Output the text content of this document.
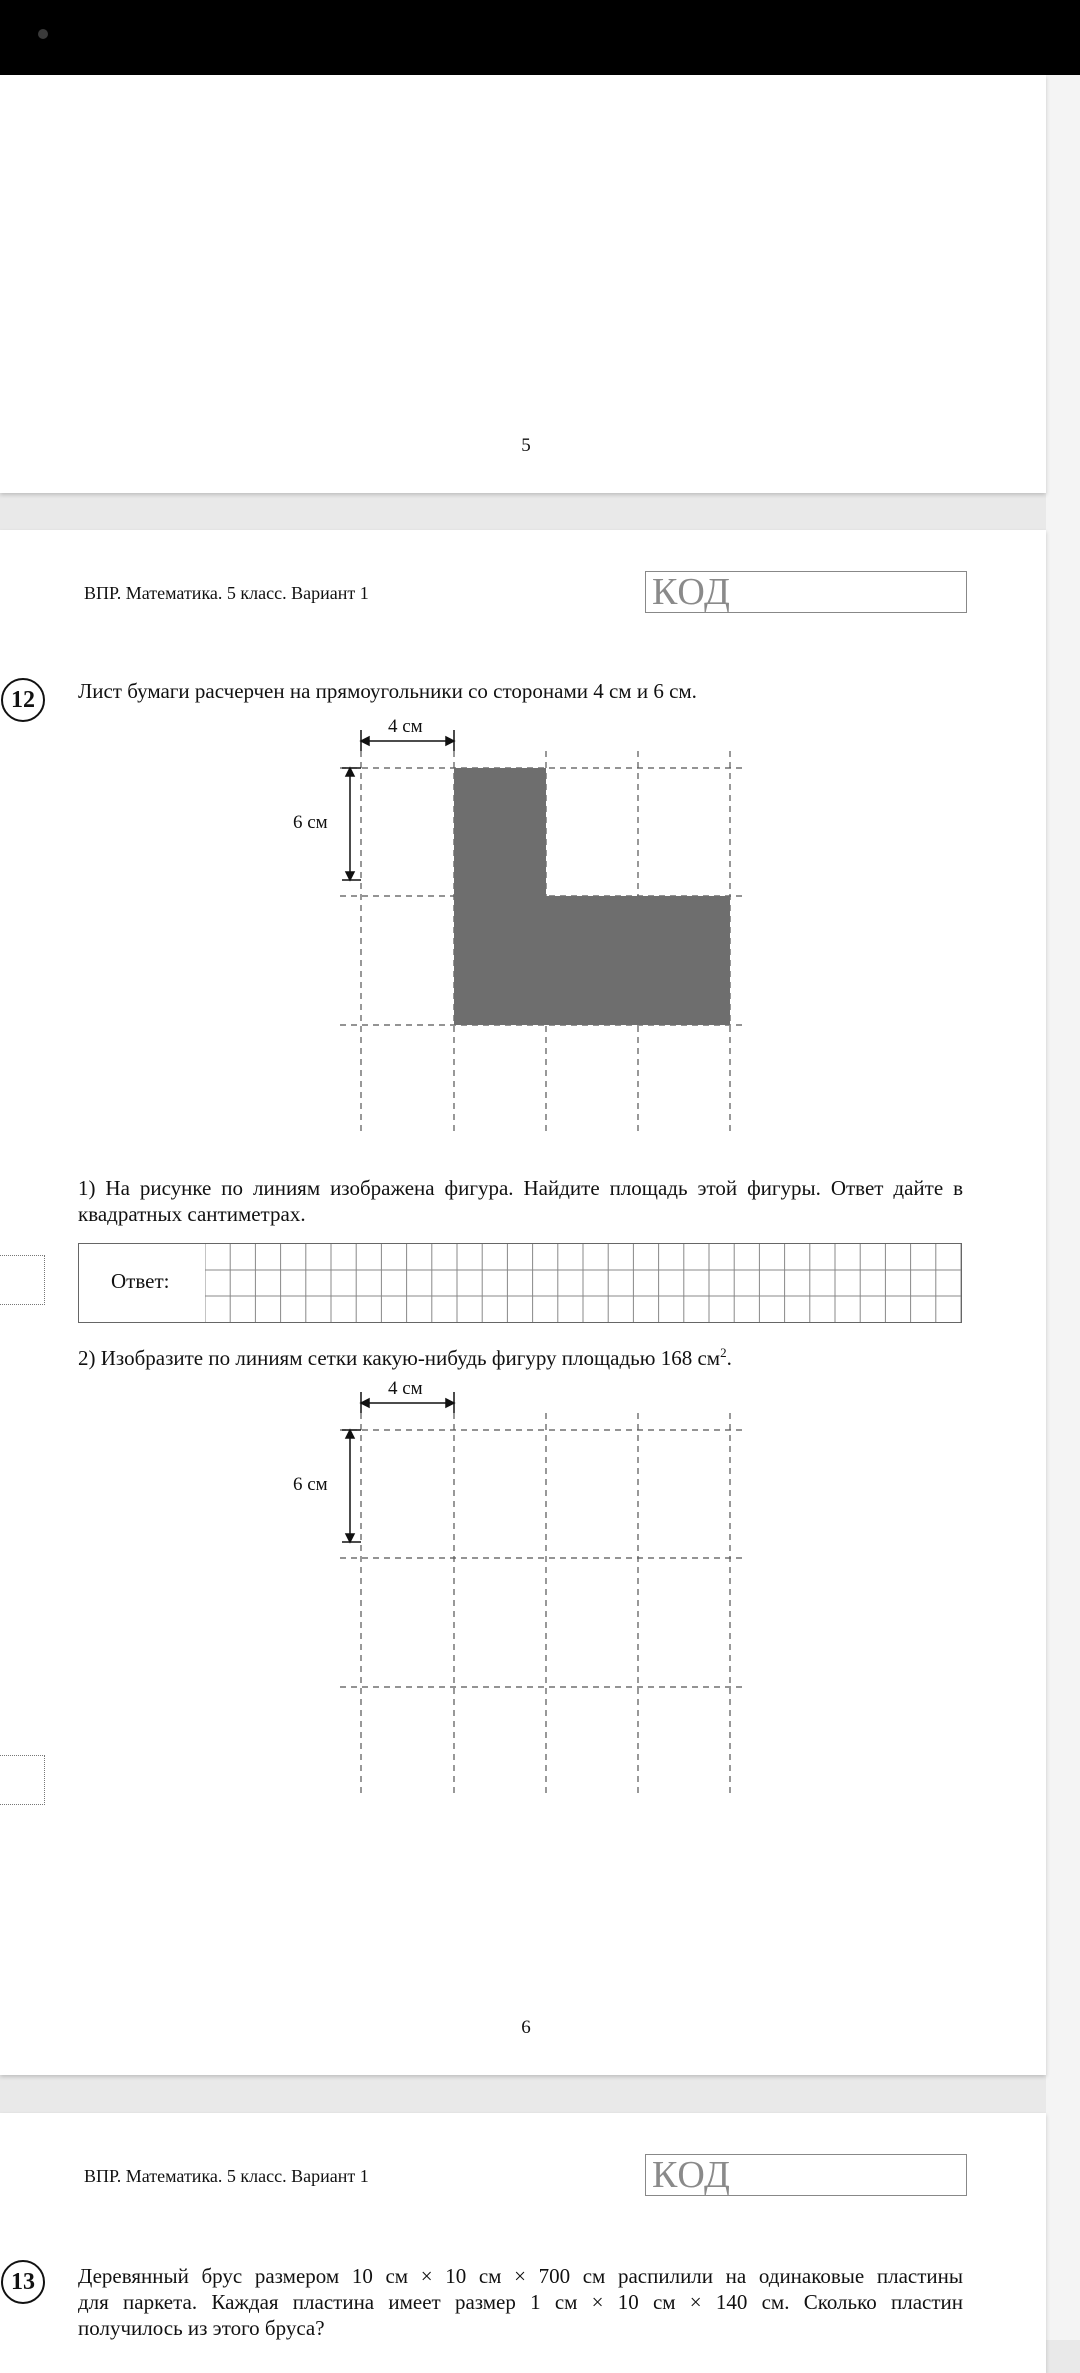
5
ВПР. Математика. 5 класс. Вариант 1	КОД
12	Лист бумаги расчерчен на прямоугольники со сторонами 4 см и 6 см.
4 см
6 см
1) На рисунке по линиям изображена фигура. Найдите площадь этой фигуры. Ответ дайте в квадратных сантиметрах.
Ответ:
2) Изобразите по линиям сетки какую-нибудь фигуру площадью 168 $см^2$.
4 см
6 см
6
ВПР. Математика. 5 класс. Вариант 1	КОД
13	Деревянный брус размером 10 см × 10 см × 700 см распилили на одинаковые пластины
для паркета. Каждая пластина имеет размер 1 см × 10 см × 140 см. Сколько пластин
получилось из этого бруса?
